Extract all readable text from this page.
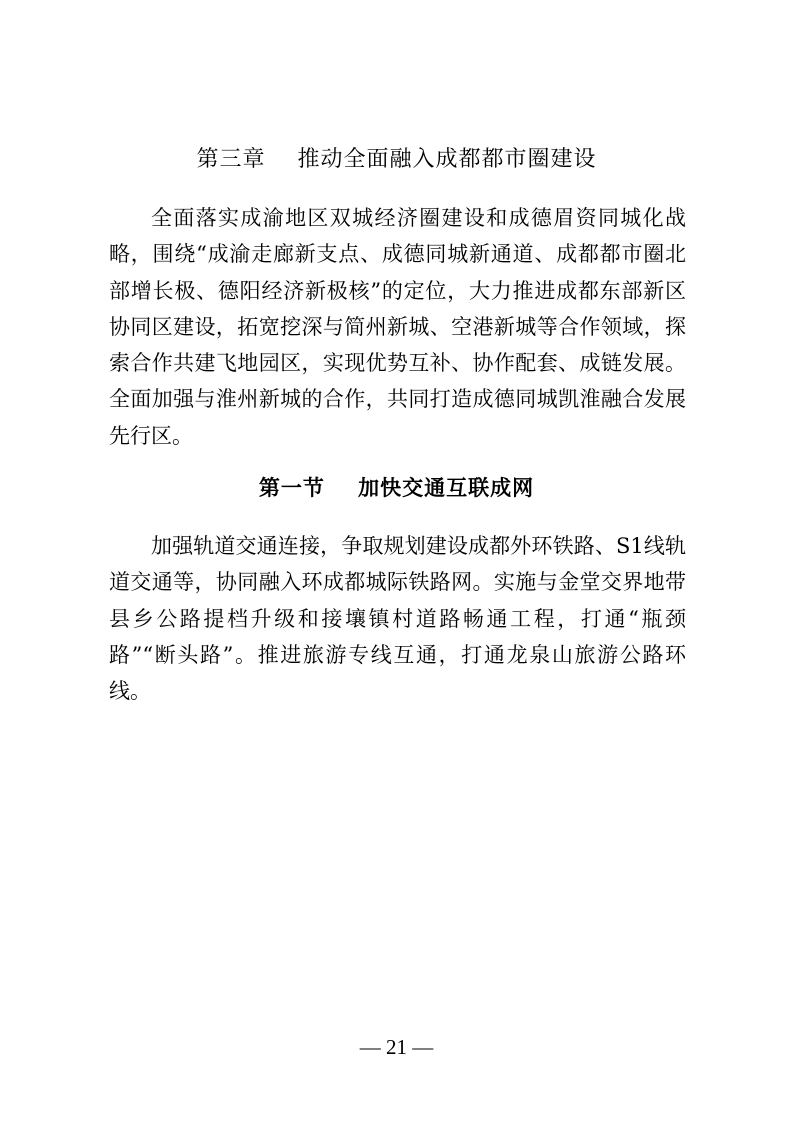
第三章    推动全面融入成都都市圈建设

全面落实成渝地区双城经济圈建设和成德眉资同城化战略，围绕“成渝走廊新支点、成德同城新通道、成都都市圈北部增长极、德阳经济新极核”的定位，大力推进成都东部新区协同区建设，拓宽挖深与简州新城、空港新城等合作领域，探索合作共建飞地园区，实现优势互补、协作配套、成链发展。全面加强与淮州新城的合作，共同打造成德同城凯淮融合发展先行区。

第一节    加快交通互联成网

加强轨道交通连接，争取规划建设成都外环铁路、S1线轨道交通等，协同融入环成都城际铁路网。实施与金堂交界地带县乡公路提档升级和接壤镇村道路畅通工程，打通“瓶颈路”“断头路”。推进旅游专线互通，打通龙泉山旅游公路环线。

— 21 —
